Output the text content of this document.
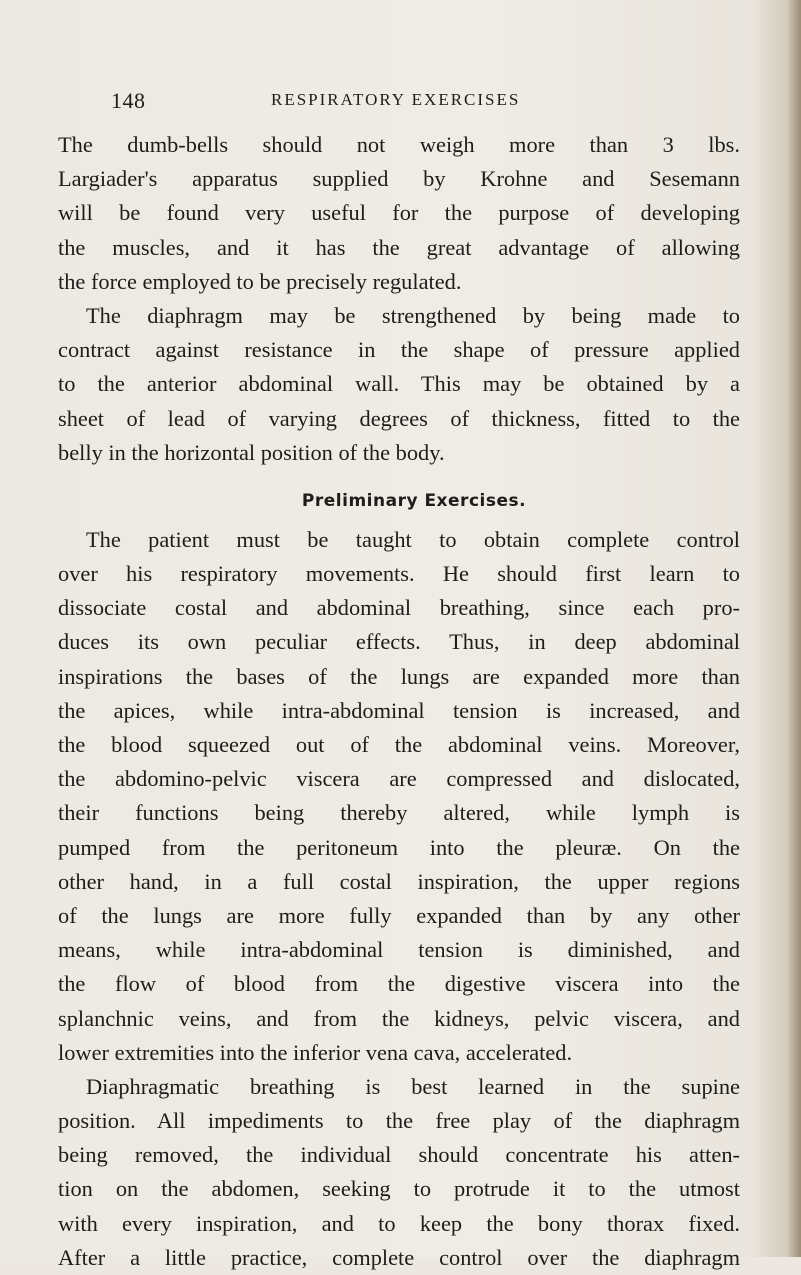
148	RESPIRATORY EXERCISES
The dumb-bells should not weigh more than 3 lbs.
Largiader's apparatus supplied by Krohne and Sesemann
will be found very useful for the purpose of developing
the muscles, and it has the great advantage of allowing
the force employed to be precisely regulated.
The diaphragm may be strengthened by being made to
contract against resistance in the shape of pressure applied
to the anterior abdominal wall. This may be obtained by a
sheet of lead of varying degrees of thickness, fitted to the
belly in the horizontal position of the body.
Preliminary Exercises.
The patient must be taught to obtain complete control
over his respiratory movements. He should first learn to
dissociate costal and abdominal breathing, since each pro-
duces its own peculiar effects. Thus, in deep abdominal
inspirations the bases of the lungs are expanded more than
the apices, while intra-abdominal tension is increased, and
the blood squeezed out of the abdominal veins. Moreover,
the abdomino-pelvic viscera are compressed and dislocated,
their functions being thereby altered, while lymph is
pumped from the peritoneum into the pleuræ. On the
other hand, in a full costal inspiration, the upper regions
of the lungs are more fully expanded than by any other
means, while intra-abdominal tension is diminished, and
the flow of blood from the digestive viscera into the
splanchnic veins, and from the kidneys, pelvic viscera, and
lower extremities into the inferior vena cava, accelerated.
Diaphragmatic breathing is best learned in the supine
position. All impediments to the free play of the diaphragm
being removed, the individual should concentrate his atten-
tion on the abdomen, seeking to protrude it to the utmost
with every inspiration, and to keep the bony thorax fixed.
After a little practice, complete control over the diaphragm
